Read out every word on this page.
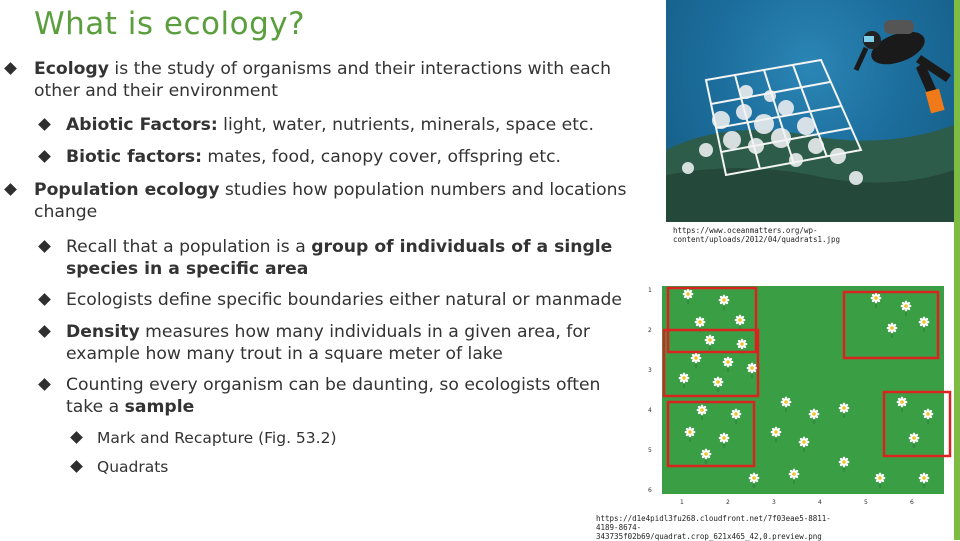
What is ecology?
Ecology is the study of organisms and their interactions with each other and their environment
Abiotic Factors: light, water, nutrients, minerals, space etc.
Biotic factors: mates, food, canopy cover, offspring etc.
Population ecology studies how population numbers and locations change
Recall that a population is a group of individuals of a single species in a specific area
Ecologists define specific boundaries either natural or manmade
Density measures how many individuals in a given area, for example how many trout in a square meter of lake
Counting every organism can be daunting, so ecologists often take a sample
Mark and Recapture (Fig. 53.2)
Quadrats
https://www.oceanmatters.org/wp-content/uploads/2012/04/quadrats1.jpg
1
2
3
4
5
6
1	2	3	4	5	6
https://d1e4pidl3fu268.cloudfront.net/7f03eae5-8811-4189-8674-343735f02b69/quadrat.crop_621x465_42,0.preview.png
